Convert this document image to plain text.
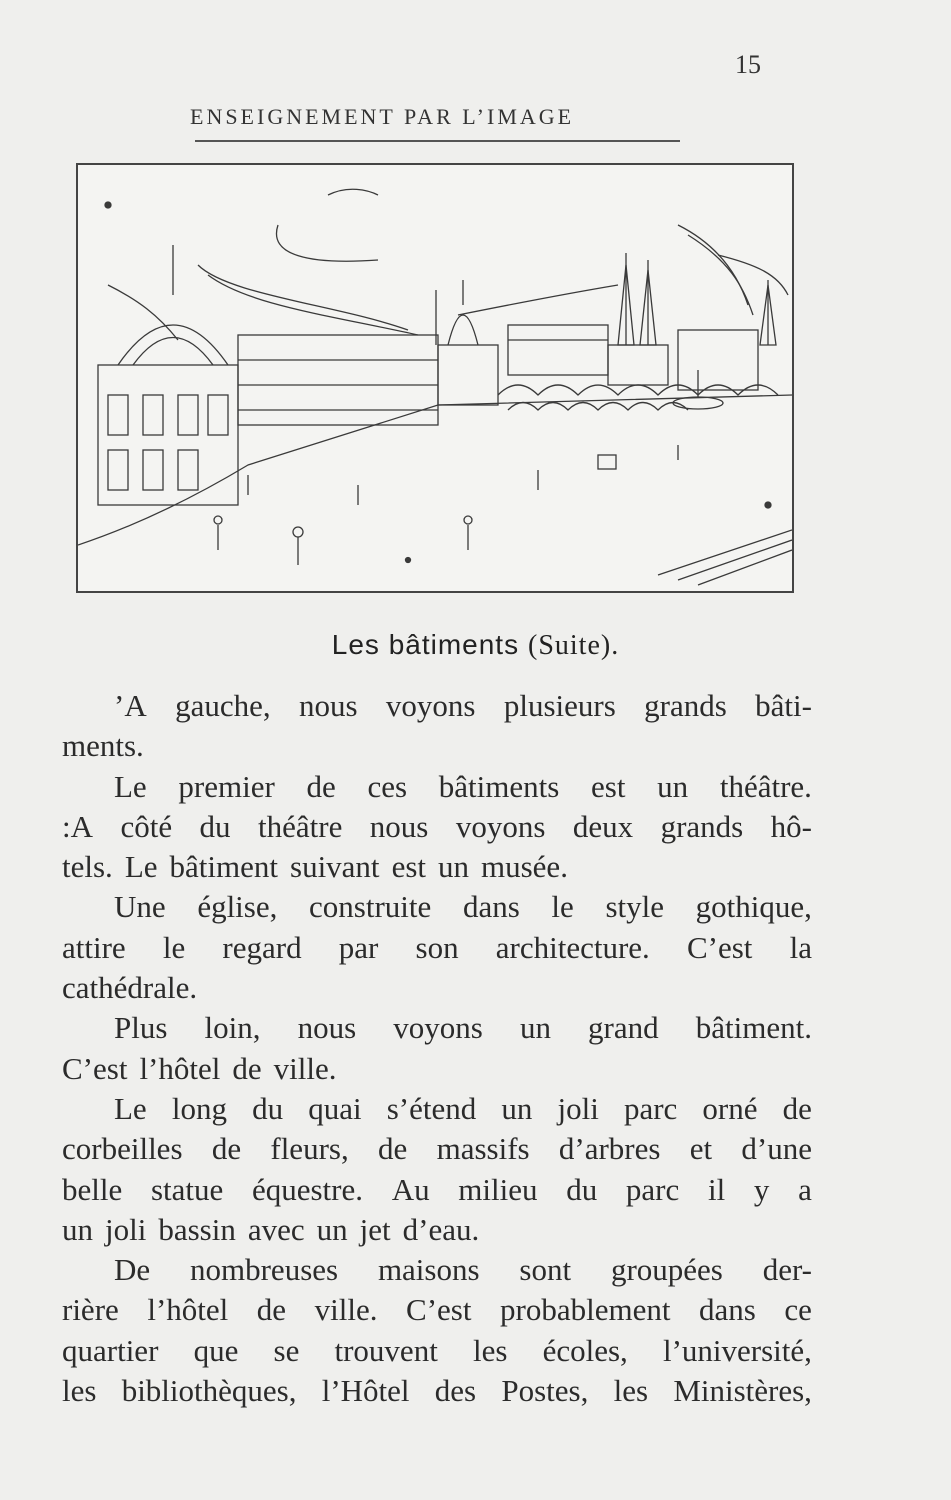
15
ENSEIGNEMENT PAR L’IMAGE
Les bâtiments (Suite).
’A gauche, nous voyons plusieurs grands bâti-
ments.
Le premier de ces bâtiments est un théâtre.
:A côté du théâtre nous voyons deux grands hô-
tels. Le bâtiment suivant est un musée.
Une église, construite dans le style gothique,
attire le regard par son architecture. C’est la
cathédrale.
Plus loin, nous voyons un grand bâtiment.
C’est l’hôtel de ville.
Le long du quai s’étend un joli parc orné de
corbeilles de fleurs, de massifs d’arbres et d’une
belle statue équestre. Au milieu du parc il y a
un joli bassin avec un jet d’eau.
De nombreuses maisons sont groupées der-
rière l’hôtel de ville. C’est probablement dans ce
quartier que se trouvent les écoles, l’université,
les bibliothèques, l’Hôtel des Postes, les Ministères,
